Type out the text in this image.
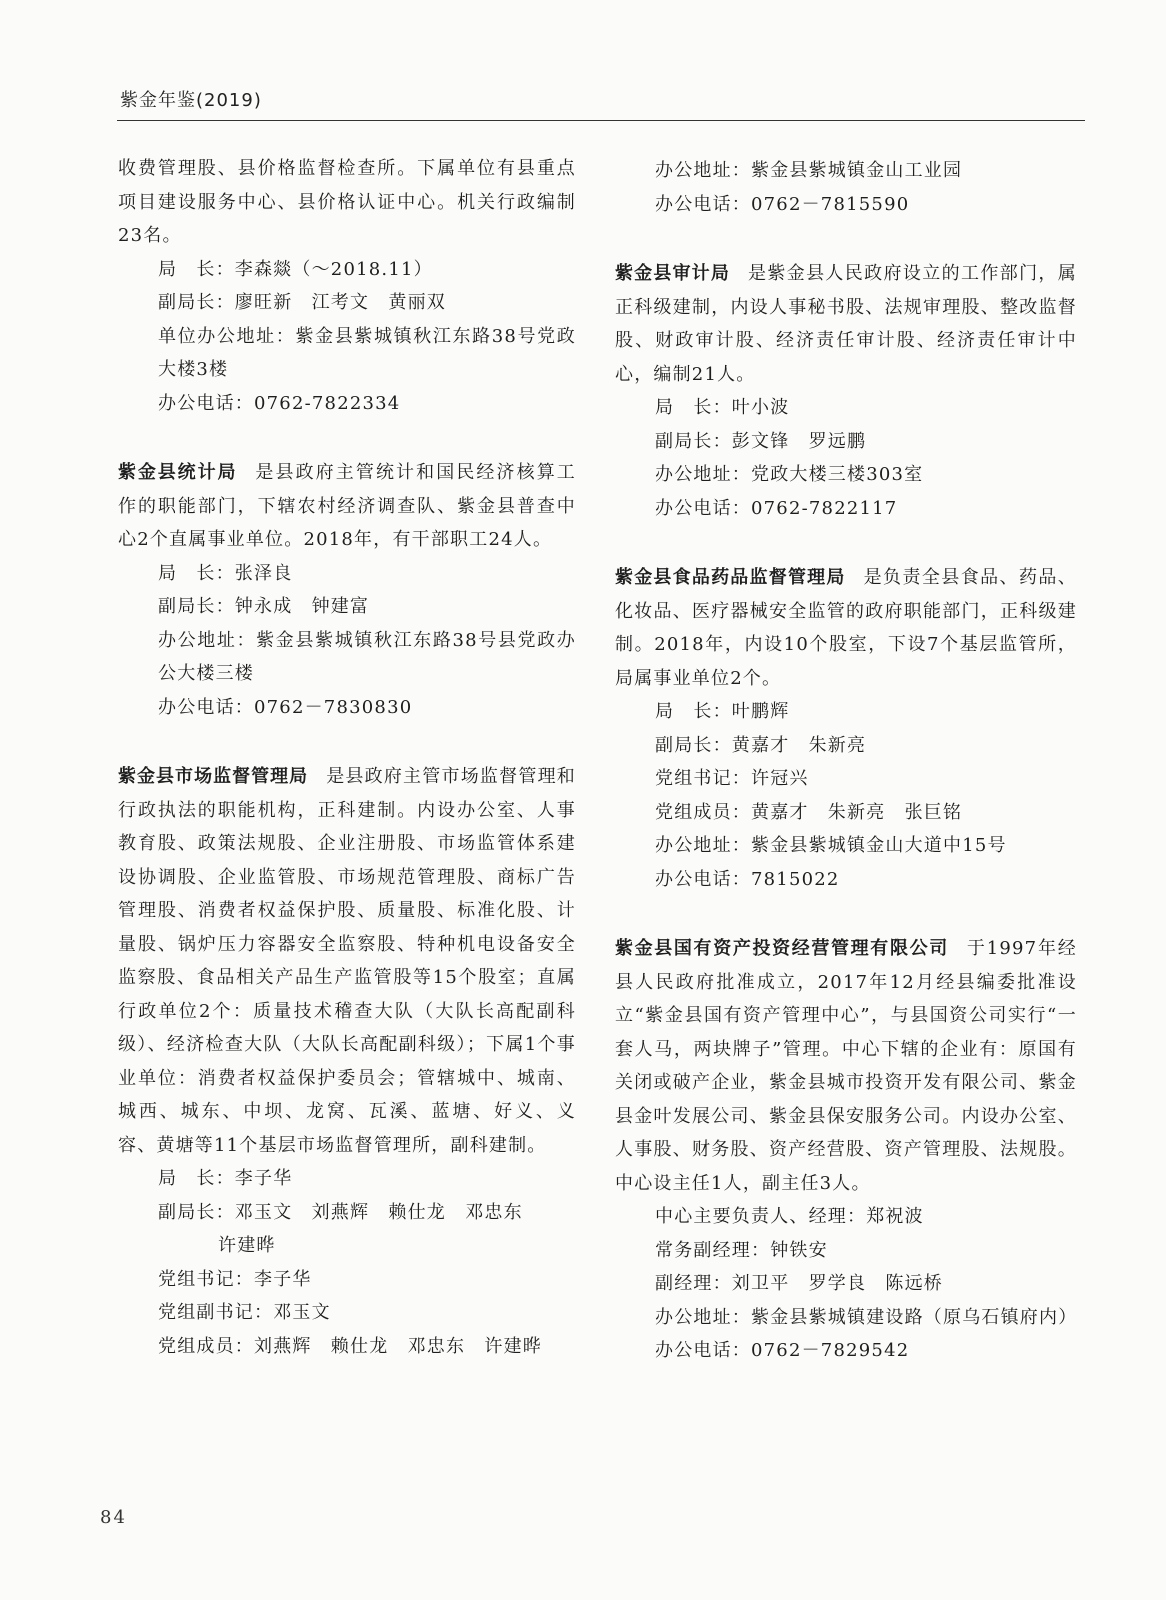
紫金年鉴(2019)

收费管理股、县价格监督检查所。下属单位有县重点项目建设服务中心、县价格认证中心。机关行政编制23名。

局　长：李森燚（～2018.11）

副局长：廖旺新　江考文　黄丽双

单位办公地址：紫金县紫城镇秋江东路38号党政大楼3楼

办公电话：0762-7822334

紫金县统计局 是县政府主管统计和国民经济核算工作的职能部门，下辖农村经济调查队、紫金县普查中心2个直属事业单位。2018年，有干部职工24人。

局　长：张泽良

副局长：钟永成　钟建富

办公地址：紫金县紫城镇秋江东路38号县党政办公大楼三楼

办公电话：0762－7830830

紫金县市场监督管理局 是县政府主管市场监督管理和行政执法的职能机构，正科建制。内设办公室、人事教育股、政策法规股、企业注册股、市场监管体系建设协调股、企业监管股、市场规范管理股、商标广告管理股、消费者权益保护股、质量股、标准化股、计量股、锅炉压力容器安全监察股、特种机电设备安全监察股、食品相关产品生产监管股等15个股室；直属行政单位2个：质量技术稽查大队（大队长高配副科级）、经济检查大队（大队长高配副科级）；下属1个事业单位：消费者权益保护委员会；管辖城中、城南、城西、城东、中坝、龙窝、瓦溪、蓝塘、好义、义容、黄塘等11个基层市场监督管理所，副科建制。

局　长：李子华

副局长：邓玉文　刘燕辉　赖仕龙　邓忠东

许建晔

党组书记：李子华

党组副书记：邓玉文

党组成员：刘燕辉　赖仕龙　邓忠东　许建晔

办公地址：紫金县紫城镇金山工业园

办公电话：0762－7815590

紫金县审计局 是紫金县人民政府设立的工作部门，属正科级建制，内设人事秘书股、法规审理股、整改监督股、财政审计股、经济责任审计股、经济责任审计中心，编制21人。

局　长：叶小波

副局长：彭文锋　罗远鹏

办公地址：党政大楼三楼303室

办公电话：0762-7822117

紫金县食品药品监督管理局 是负责全县食品、药品、化妆品、医疗器械安全监管的政府职能部门，正科级建制。2018年，内设10个股室，下设7个基层监管所，局属事业单位2个。

局　长：叶鹏辉

副局长：黄嘉才　朱新亮

党组书记：许冠兴

党组成员：黄嘉才　朱新亮　张巨铭

办公地址：紫金县紫城镇金山大道中15号

办公电话：7815022

紫金县国有资产投资经营管理有限公司 于1997年经县人民政府批准成立，2017年12月经县编委批准设立“紫金县国有资产管理中心”，与县国资公司实行“一套人马，两块牌子”管理。中心下辖的企业有：原国有关闭或破产企业，紫金县城市投资开发有限公司、紫金县金叶发展公司、紫金县保安服务公司。内设办公室、人事股、财务股、资产经营股、资产管理股、法规股。中心设主任1人，副主任3人。

中心主要负责人、经理：郑祝波

常务副经理：钟铁安

副经理：刘卫平　罗学良　陈远桥

办公地址：紫金县紫城镇建设路（原乌石镇府内）

办公电话：0762－7829542

84
